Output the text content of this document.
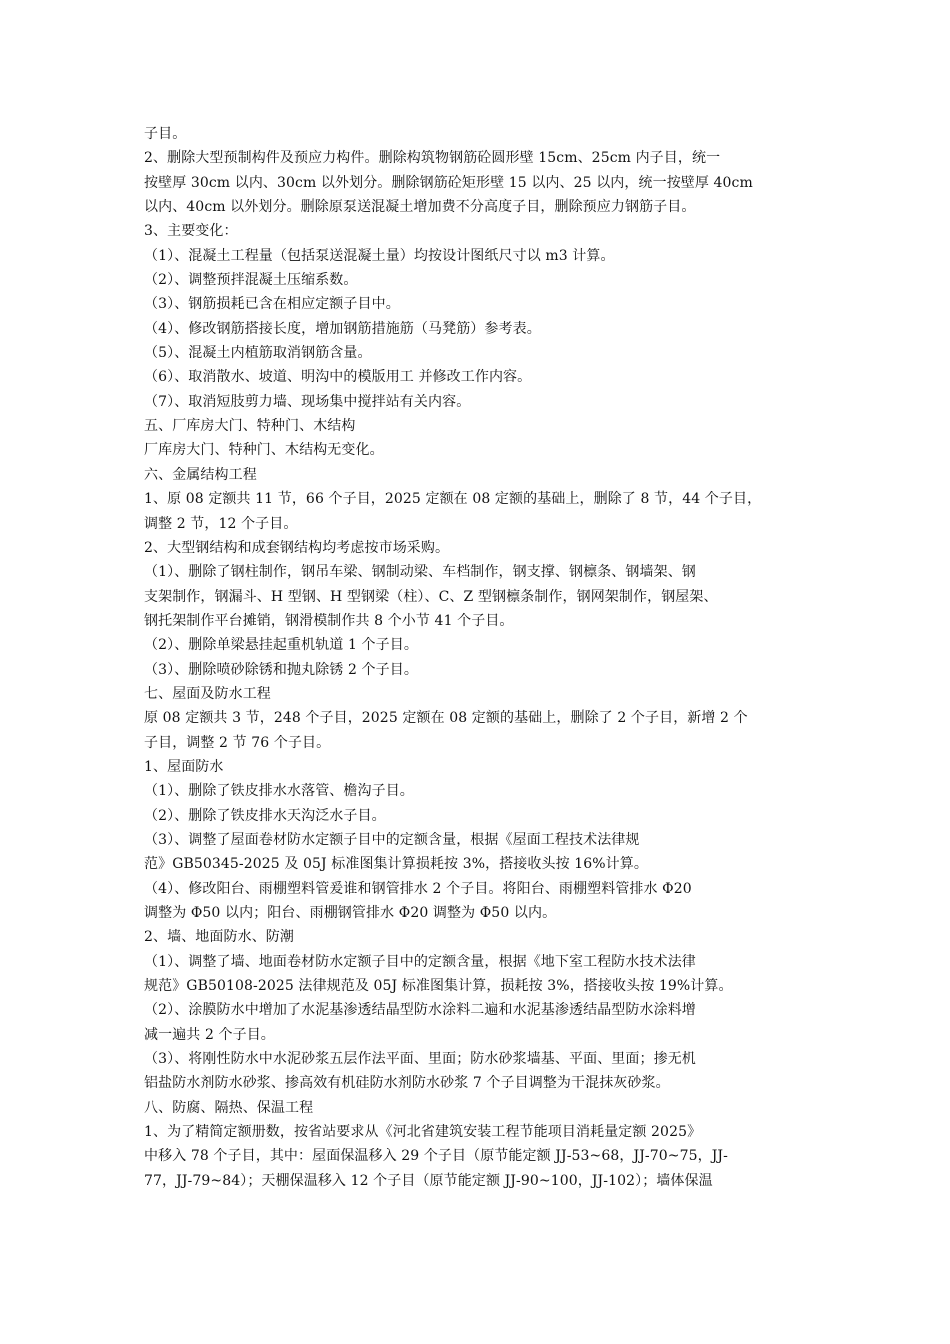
子目。

2、删除大型预制构件及预应力构件。删除构筑物钢筋砼圆形壁 15cm、25cm 内子目，统一

按壁厚 30cm 以内、30cm 以外划分。删除钢筋砼矩形壁 15 以内、25 以内，统一按壁厚 40cm

以内、40cm 以外划分。删除原泵送混凝土增加费不分高度子目，删除预应力钢筋子目。

3、主要变化：

（1）、混凝土工程量（包括泵送混凝土量）均按设计图纸尺寸以 m3 计算。

（2）、调整预拌混凝土压缩系数。

（3）、钢筋损耗已含在相应定额子目中。

（4）、修改钢筋搭接长度，增加钢筋措施筋（马凳筋）参考表。

（5）、混凝土内植筋取消钢筋含量。

（6）、取消散水、坡道、明沟中的模版用工 并修改工作内容。

（7）、取消短肢剪力墙、现场集中搅拌站有关内容。

五、厂库房大门、特种门、木结构

厂库房大门、特种门、木结构无变化。

六、金属结构工程

1、原 08 定额共 11 节，66 个子目，2025 定额在 08 定额的基础上，删除了 8 节，44 个子目，

调整 2 节，12 个子目。

2、大型钢结构和成套钢结构均考虑按市场采购。

（1）、删除了钢柱制作，钢吊车梁、钢制动梁、车档制作，钢支撑、钢檩条、钢墙架、钢

支架制作，钢漏斗、H 型钢、H 型钢梁（柱）、C、Z 型钢檩条制作，钢网架制作，钢屋架、

钢托架制作平台摊销，钢滑模制作共 8 个小节 41 个子目。

（2）、删除单梁悬挂起重机轨道 1 个子目。

（3）、删除喷砂除锈和抛丸除锈 2 个子目。

七、屋面及防水工程

原 08 定额共 3 节，248 个子目，2025 定额在 08 定额的基础上，删除了 2 个子目，新增 2 个

子目，调整 2 节 76 个子目。

1、屋面防水

（1）、删除了铁皮排水水落管、檐沟子目。

（2）、删除了铁皮排水天沟泛水子目。

（3）、调整了屋面卷材防水定额子目中的定额含量，根据《屋面工程技术法律规

范》GB50345-2025 及 05J 标准图集计算损耗按 3%，搭接收头按 16%计算。

（4）、修改阳台、雨棚塑料管爰谁和钢管排水 2 个子目。将阳台、雨棚塑料管排水 Φ20

调整为 Φ50 以内；阳台、雨棚钢管排水 Φ20 调整为 Φ50 以内。

2、墙、地面防水、防潮

（1）、调整了墙、地面卷材防水定额子目中的定额含量，根据《地下室工程防水技术法律

规范》GB50108-2025 法律规范及 05J 标准图集计算，损耗按 3%，搭接收头按 19%计算。

（2）、涂膜防水中增加了水泥基渗透结晶型防水涂料二遍和水泥基渗透结晶型防水涂料增

减一遍共 2 个子目。

（3）、将刚性防水中水泥砂浆五层作法平面、里面；防水砂浆墙基、平面、里面；掺无机

铝盐防水剂防水砂浆、掺高效有机硅防水剂防水砂浆 7 个子目调整为干混抹灰砂浆。

八、防腐、隔热、保温工程

1、为了精简定额册数，按省站要求从《河北省建筑安装工程节能项目消耗量定额 2025》

中移入 78 个子目，其中：屋面保温移入 29 个子目（原节能定额 JJ-53~68，JJ-70~75，JJ-

77，JJ-79~84）；天棚保温移入 12 个子目（原节能定额 JJ-90~100，JJ-102）；墙体保温
